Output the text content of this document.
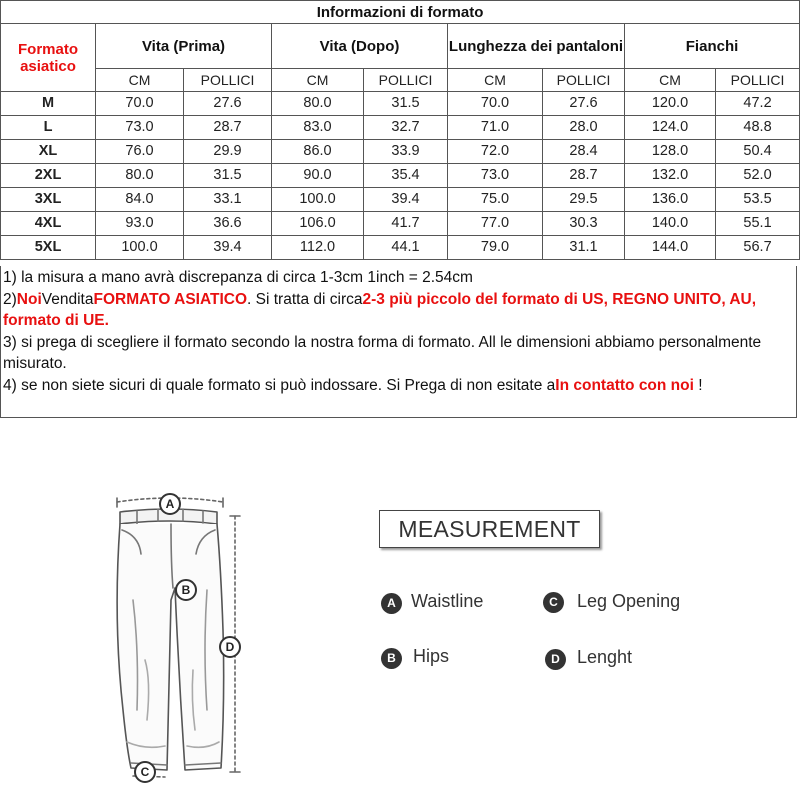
Informazioni di formato								
Formato asiatico	Vita (Prima)		Vita (Dopo)		Lunghezza dei pantaloni		Fianchi	
	CM	POLLICI	CM	POLLICI	CM	POLLICI	CM	POLLICI
M	70.0	27.6	80.0	31.5	70.0	27.6	120.0	47.2
L	73.0	28.7	83.0	32.7	71.0	28.0	124.0	48.8
XL	76.0	29.9	86.0	33.9	72.0	28.4	128.0	50.4
2XL	80.0	31.5	90.0	35.4	73.0	28.7	132.0	52.0
3XL	84.0	33.1	100.0	39.4	75.0	29.5	136.0	53.5
4XL	93.0	36.6	106.0	41.7	77.0	30.3	140.0	55.1
5XL	100.0	39.4	112.0	44.1	79.0	31.1	144.0	56.7

1) la misura a mano avrà discrepanza di circa 1-3cm 1inch = 2.54cm

2)NoiVenditaFORMATO ASIATICO. Si tratta di circa2-3 più piccolo del formato di US, REGNO UNITO, AU, formato di UE.

3) si prega di scegliere il formato secondo la nostra forma di formato. All le dimensioni abbiamo personalmente misurato.

4) se non siete sicuri di quale formato si può indossare. Si Prega di non esitate aIn contatto con noi !

A
B
C
D
MEASUREMENT
A Waistline
B Hips
C	Leg Opening
D Lenght
